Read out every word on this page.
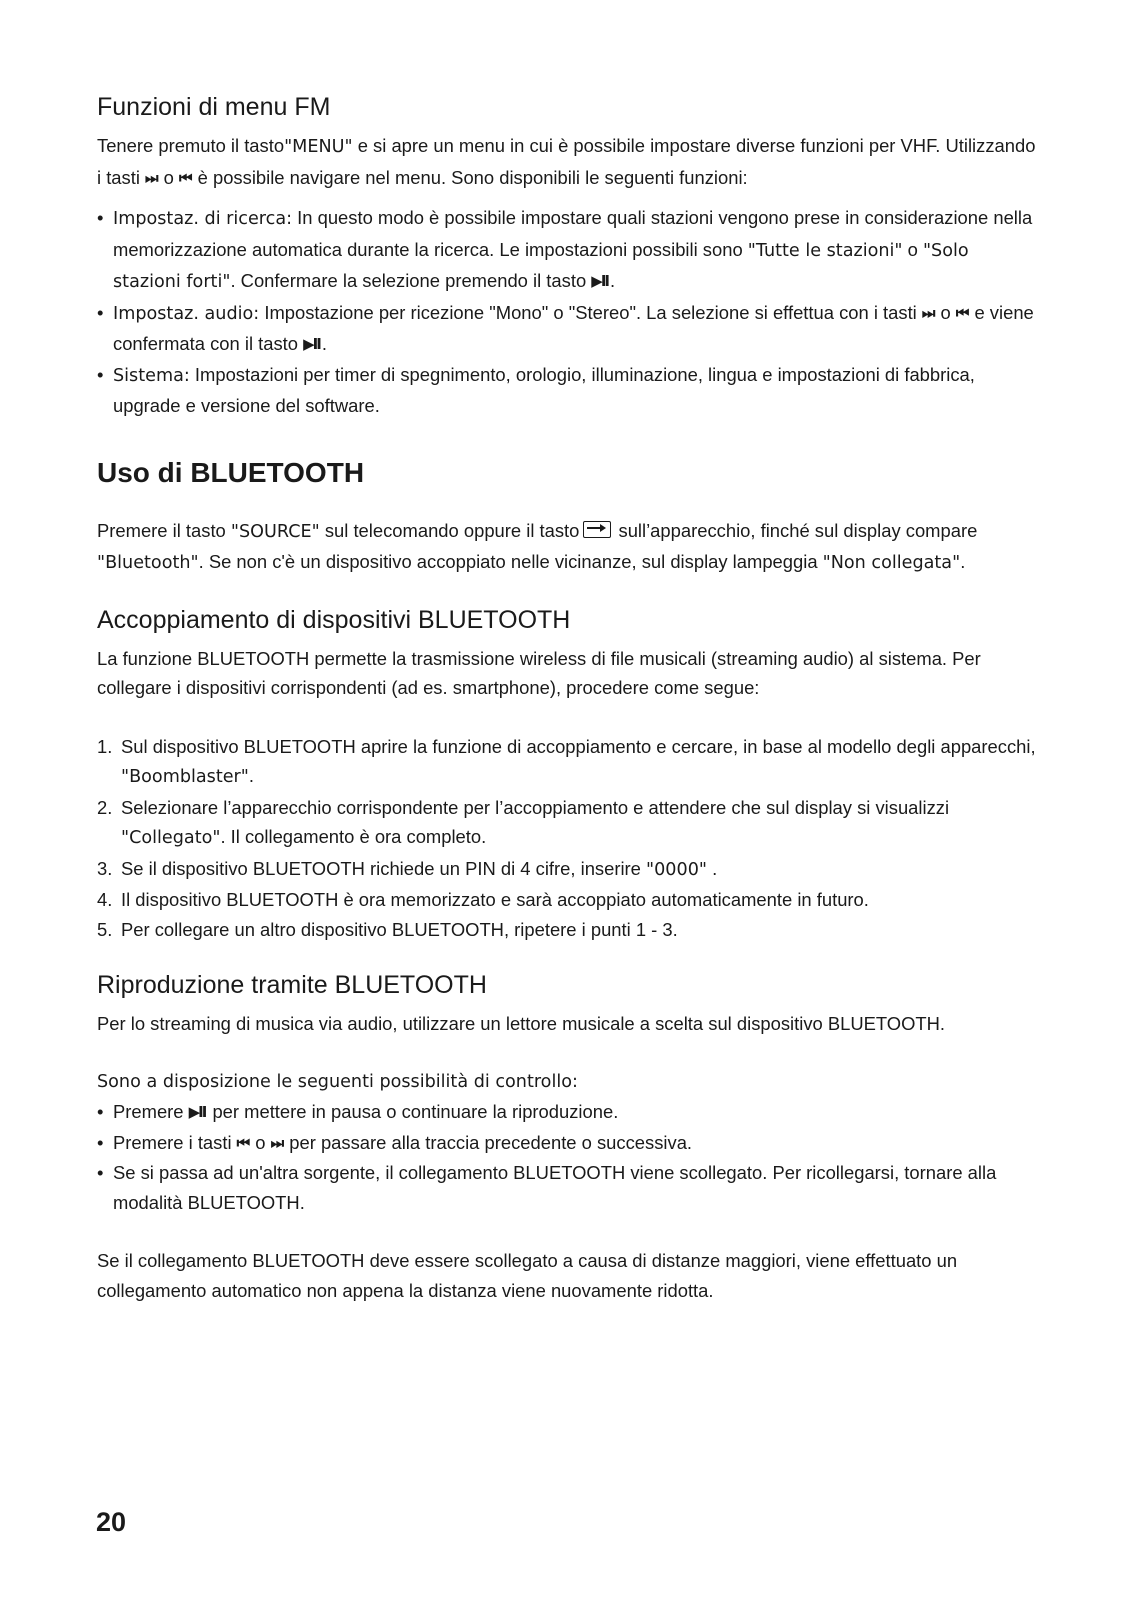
Funzioni di menu FM

Tenere premuto il tasto"MENU" e si apre un menu in cui è possibile impostare diverse funzioni per VHF. Utilizzando i tasti ⏭ o ⏮ è possibile navigare nel menu. Sono disponibili le seguenti funzioni:

• Impostaz. di ricerca: In questo modo è possibile impostare quali stazioni vengono prese in considerazione nella memorizzazione automatica durante la ricerca. Le impostazioni possibili sono "Tutte le stazioni" o "Solo stazioni forti". Confermare la selezione premendo il tasto ▶II .
• Impostaz. audio: Impostazione per ricezione "Mono" o "Stereo". La selezione si effettua con i tasti ⏭ o ⏮ e viene confermata con il tasto ▶II .
• Sistema: Impostazioni per timer di spegnimento, orologio, illuminazione, lingua e impostazioni di fabbrica, upgrade e versione del software.
Uso di BLUETOOTH

Premere il tasto "SOURCE" sul telecomando oppure il tasto sull’apparecchio, finché sul display compare "Bluetooth". Se non c'è un dispositivo accoppiato nelle vicinanze, sul display lampeggia "Non collegata".

Accoppiamento di dispositivi BLUETOOTH

La funzione BLUETOOTH permette la trasmissione wireless di file musicali (streaming audio) al sistema. Per collegare i dispositivi corrispondenti (ad es. smartphone), procedere come segue:

1. Sul dispositivo BLUETOOTH aprire la funzione di accoppiamento e cercare, in base al modello degli apparecchi, "Boomblaster".
2. Selezionare l’apparecchio corrispondente per l’accoppiamento e attendere che sul display si visualizzi "Collegato". Il collegamento è ora completo.
3. Se il dispositivo BLUETOOTH richiede un PIN di 4 cifre, inserire "0000" .
4. Il dispositivo BLUETOOTH è ora memorizzato e sarà accoppiato automaticamente in futuro.
5. Per collegare un altro dispositivo BLUETOOTH, ripetere i punti 1 - 3.
Riproduzione tramite BLUETOOTH

Per lo streaming di musica via audio, utilizzare un lettore musicale a scelta sul dispositivo BLUETOOTH.

Sono a disposizione le seguenti possibilità di controllo:

• Premere ▶II per mettere in pausa o continuare la riproduzione.
• Premere i tasti ⏮ o ⏭ per passare alla traccia precedente o successiva.
• Se si passa ad un'altra sorgente, il collegamento BLUETOOTH viene scollegato. Per ricollegarsi, tornare alla modalità BLUETOOTH.

Se il collegamento BLUETOOTH deve essere scollegato a causa di distanze maggiori, viene effettuato un collegamento automatico non appena la distanza viene nuovamente ridotta.

20
